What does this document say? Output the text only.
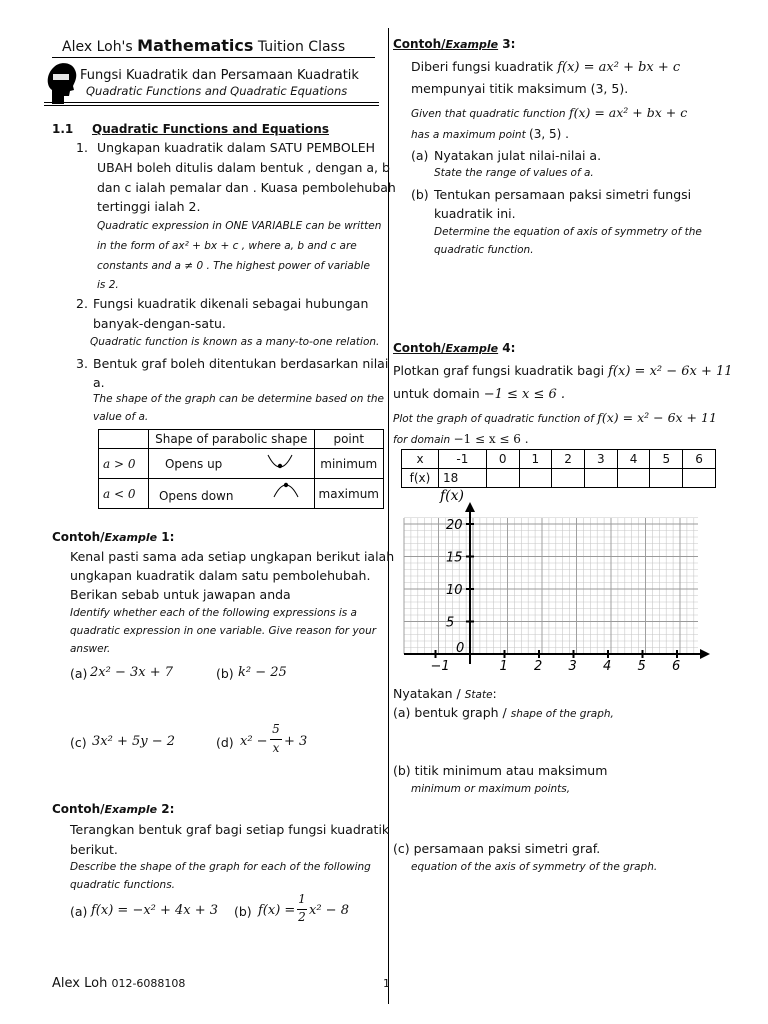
Alex Loh's Mathematics Tuition Class
Fungsi Kuadratik dan Persamaan Kuadratik
Quadratic Functions and Quadratic Equations
1.1 Quadratic Functions and Equations
1. Ungkapan kuadratik dalam SATU PEMBOLEH
UBAH boleh ditulis dalam bentuk , dengan a, b
dan c ialah pemalar dan . Kuasa pembolehubah
tertinggi ialah 2.
Quadratic expression in ONE VARIABLE can be written
in the form of ax² + bx + c , where a, b and c are
constants and a ≠ 0 . The highest power of variable
is 2.
2. Fungsi kuadratik dikenali sebagai hubungan
banyak-dengan-satu.
Quadratic function is known as a many-to-one relation.
3. Bentuk graf boleh ditentukan berdasarkan nilai
a.
The shape of the graph can be determine based on the
value of a.
	Shape of parabolic shape	point
a > 0	Opens up	minimum
a < 0	Opens down	maximum
Contoh/Example 1:
Kenal pasti sama ada setiap ungkapan berikut ialah
ungkapan kuadratik dalam satu pembolehubah.
Berikan sebab untuk jawapan anda
Identify whether each of the following expressions is a
quadratic expression in one variable. Give reason for your
answer.
(a) 2x² − 3x + 7	(b) k² − 25
(c) 3x² + 5y − 2	(d) x² −
5
x + 3
Contoh/Example 2:
Terangkan bentuk graf bagi setiap fungsi kuadratik
berikut.
Describe the shape of the graph for each of the following
quadratic functions.
(a) f(x) = −x² + 4x + 3 (b) f(x) =
1
2 x² − 8
Alex Loh 012-6088108	1
Contoh/Example 3:
Diberi fungsi kuadratik f(x) = ax² + bx + c
mempunyai titik maksimum (3, 5).
Given that quadratic function f(x) = ax² + bx + c
has a maximum point (3, 5) .
(a) Nyatakan julat nilai-nilai a.
State the range of values of a.
(b) Tentukan persamaan paksi simetri fungsi
kuadratik ini.
Determine the equation of axis of symmetry of the
quadratic function.
Contoh/Example 4:
Plotkan graf fungsi kuadratik bagi f(x) = x² − 6x + 11
untuk domain −1 ≤ x ≤ 6 .
Plot the graph of quadratic function of f(x) = x² − 6x + 11
for domain −1 ≤ x ≤ 6 .
x	-1	0	1	2	3	4	5	6
f(x)	18							
f(x)
20
15
10
5
−1
0
1 2 3 4 5 6
Nyatakan / State:
(a) bentuk graph / shape of the graph,
(b) titik minimum atau maksimum
minimum or maximum points,
(c) persamaan paksi simetri graf.
equation of the axis of symmetry of the graph.
